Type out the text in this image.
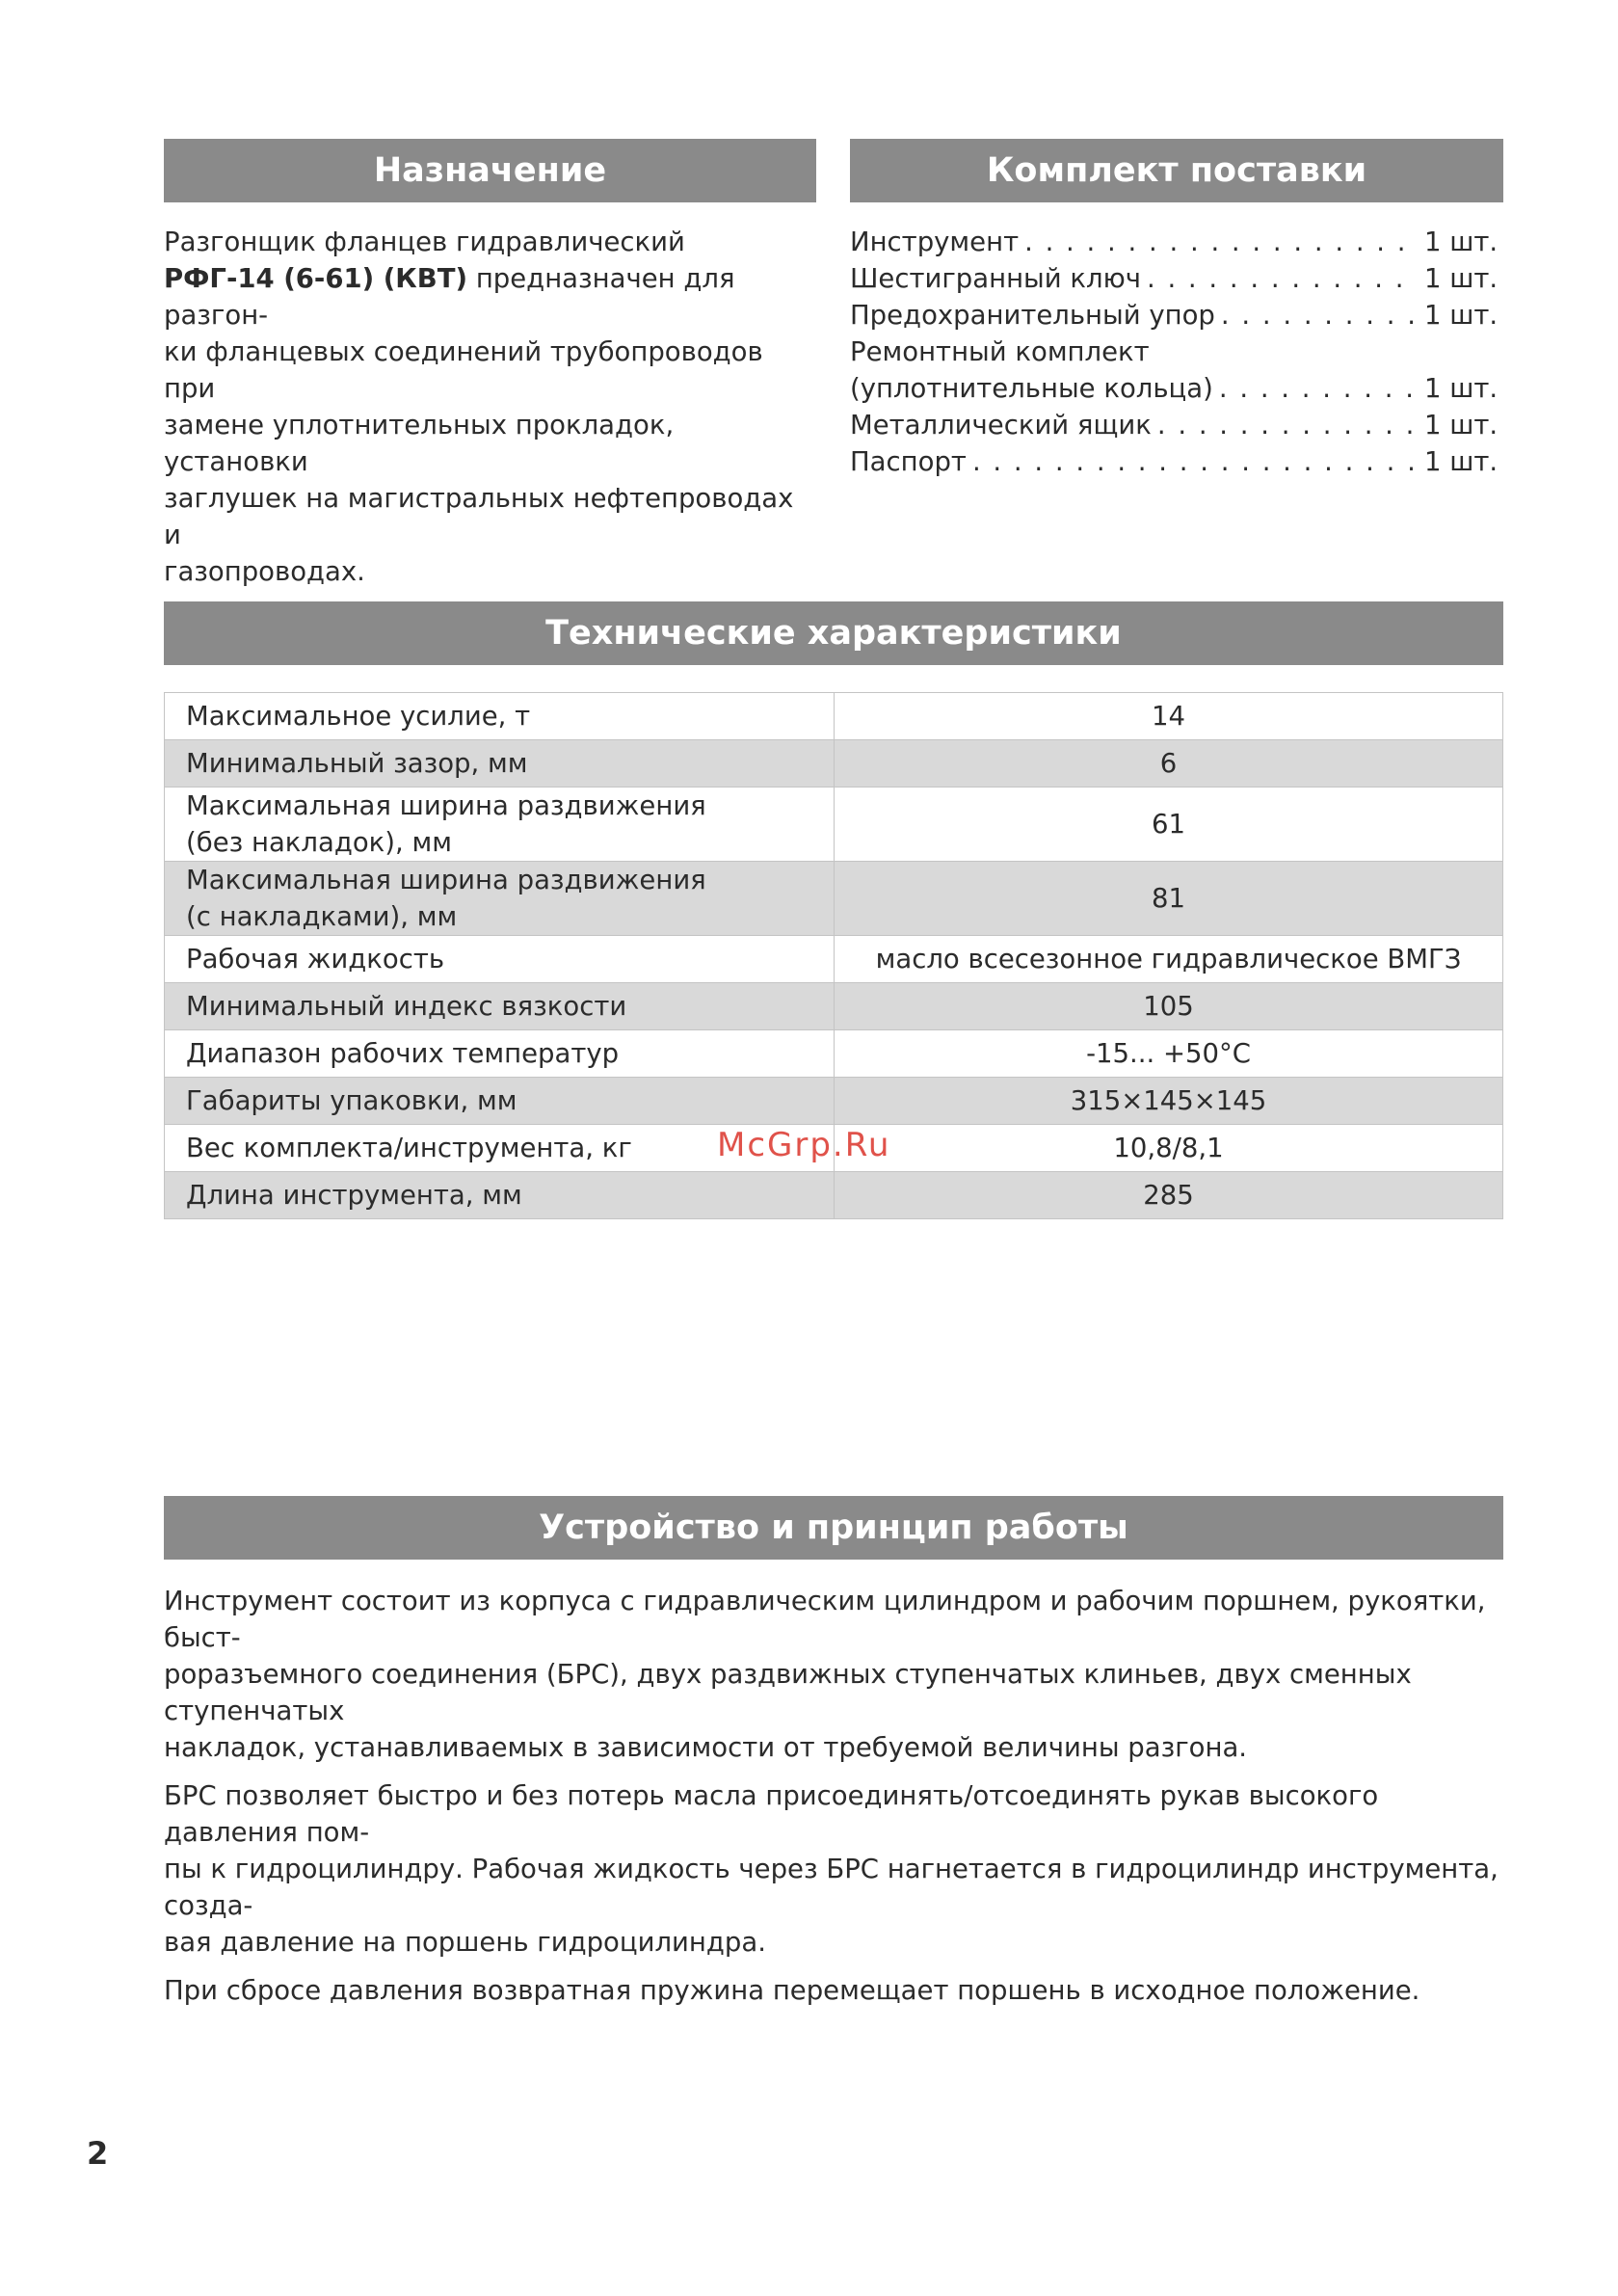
Назначение	Комплект поставки
Разгонщик фланцев гидравлический
РФГ-14 (6-61) (КВТ) предназначен для разгон-
ки фланцевых соединений трубопроводов при
замене уплотнительных прокладок, установки
заглушек на магистральных нефтепроводах и
газопроводах.
Инструмент . . .	1 шт.
Шестигранный ключ . . .	1 шт.
Предохранительный упор . . .	1 шт.
Ремонтный комплект
(уплотнительные кольца) . . .	1 шт.
Металлический ящик . . .	1 шт.
Паспорт . . .	1 шт.
Технические характеристики
Максимальное усилие, т	14

Минимальный зазор, мм	6

Максимальная ширина раздвижения
(без накладок), мм	61

Максимальная ширина раздвижения
(с накладками), мм	81

Рабочая жидкость	масло всесезонное гидравлическое ВМГЗ

Минимальный индекс вязкости	105

Диапазон рабочих температур	-15... +50°С

Габариты упаковки, мм	315×145×145

Вес комплекта/инструмента, кг	10,8/8,1

Длина инструмента, мм	285
Устройство и принцип работы

Инструмент состоит из корпуса с гидравлическим цилиндром и рабочим поршнем, рукоятки, быст-
роразъемного соединения (БРС), двух раздвижных ступенчатых клиньев, двух сменных ступенчатых
накладок, устанавливаемых в зависимости от требуемой величины разгона.

БРС позволяет быстро и без потерь масла присоединять/отсоединять рукав высокого давления пом-
пы к гидроцилиндру. Рабочая жидкость через БРС нагнетается в гидроцилиндр инструмента, созда-
вая давление на поршень гидроцилиндра.

При сбросе давления возвратная пружина перемещает поршень в исходное положение.

McGrp.Ru
2
